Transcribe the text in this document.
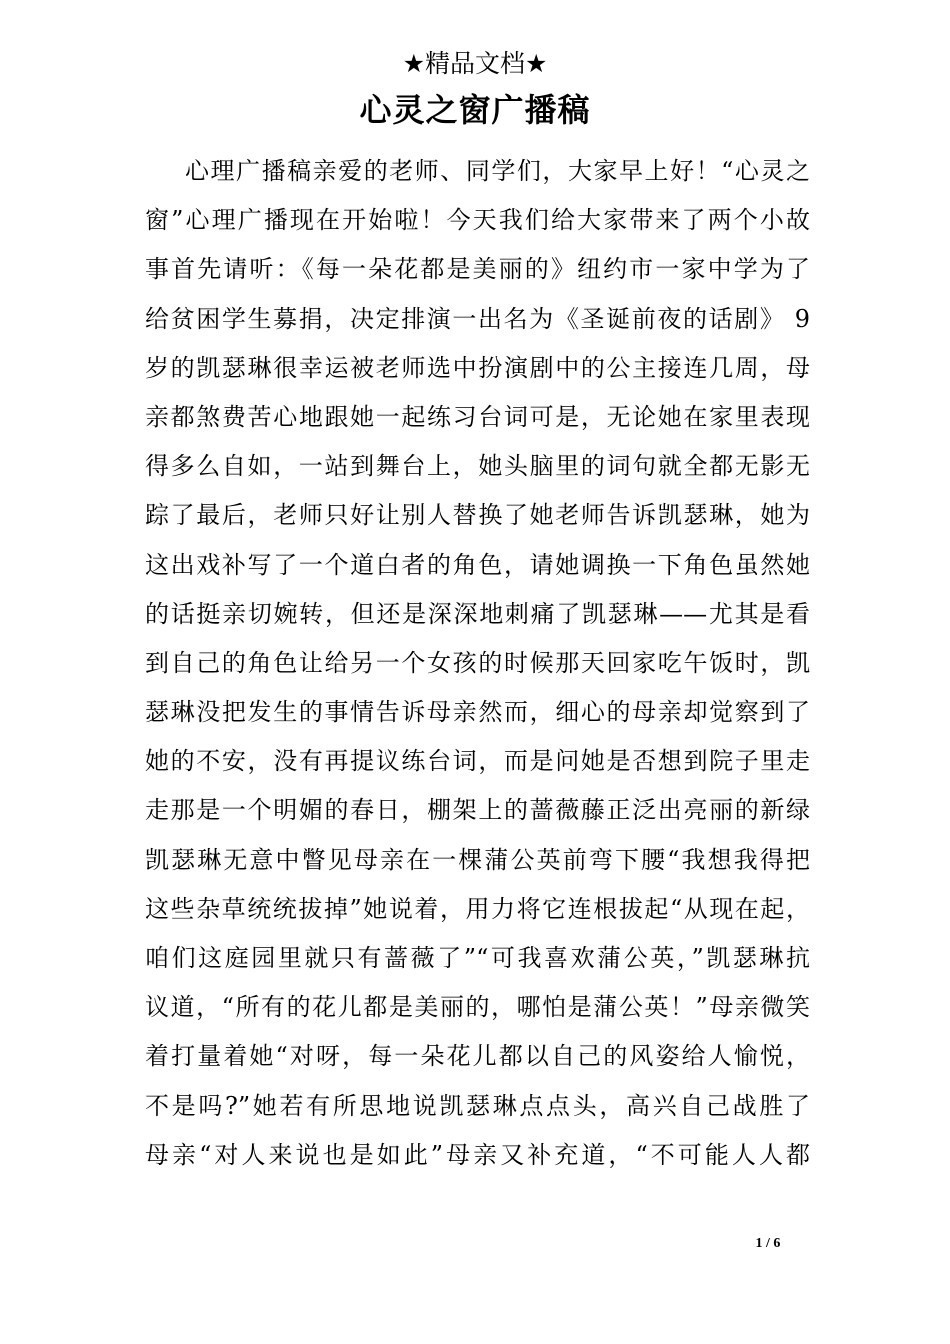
★精品文档★
心灵之窗广播稿
心理广播稿亲爱的老师、同学们，大家早上好！“心灵之
窗”心理广播现在开始啦！今天我们给大家带来了两个小故
事首先请听：《每一朵花都是美丽的》纽约市一家中学为了
给贫困学生募捐，决定排演一出名为《圣诞前夜的话剧》 9
岁的凯瑟琳很幸运被老师选中扮演剧中的公主接连几周，母
亲都煞费苦心地跟她一起练习台词可是，无论她在家里表现
得多么自如，一站到舞台上，她头脑里的词句就全都无影无
踪了最后，老师只好让别人替换了她老师告诉凯瑟琳，她为
这出戏补写了一个道白者的角色，请她调换一下角色虽然她
的话挺亲切婉转，但还是深深地刺痛了凯瑟琳——尤其是看
到自己的角色让给另一个女孩的时候那天回家吃午饭时，凯
瑟琳没把发生的事情告诉母亲然而，细心的母亲却觉察到了
她的不安，没有再提议练台词，而是问她是否想到院子里走
走那是一个明媚的春日，棚架上的蔷薇藤正泛出亮丽的新绿
凯瑟琳无意中瞥见母亲在一棵蒲公英前弯下腰“我想我得把
这些杂草统统拔掉”她说着，用力将它连根拔起“从现在起，
咱们这庭园里就只有蔷薇了”“可我喜欢蒲公英，”凯瑟琳抗
议道，“所有的花儿都是美丽的，哪怕是蒲公英！”母亲微笑
着打量着她“对呀，每一朵花儿都以自己的风姿给人愉悦，
不是吗?”她若有所思地说凯瑟琳点点头，高兴自己战胜了
母亲“对人来说也是如此”母亲又补充道，“不可能人人都
1 / 6
